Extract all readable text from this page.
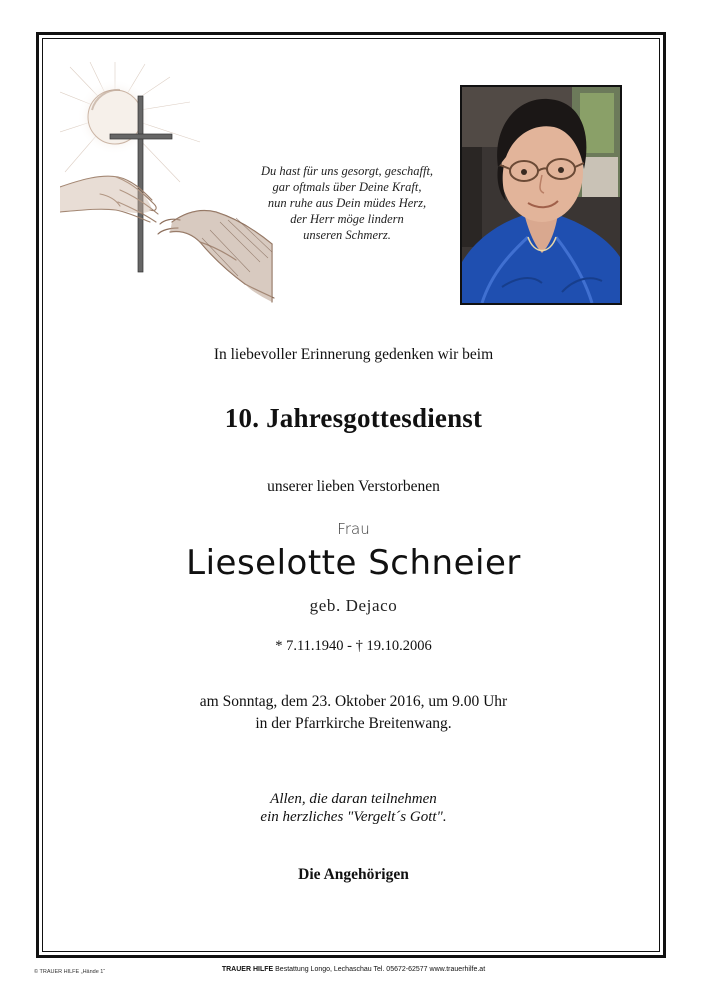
Du hast für uns gesorgt, geschafft,
gar oftmals über Deine Kraft,
nun ruhe aus Dein müdes Herz,
der Herr möge lindern
unseren Schmerz.
In liebevoller Erinnerung gedenken wir beim
10. Jahresgottesdienst
unserer lieben Verstorbenen
Frau
Lieselotte Schneier
geb. Dejaco
* 7.11.1940 - † 19.10.2006
am Sonntag, dem 23. Oktober 2016, um 9.00 Uhr
in der Pfarrkirche Breitenwang.
Allen, die daran teilnehmen
ein herzliches "Vergelt´s Gott".
Die Angehörigen
© TRAUER HILFE „Hände 1“	TRAUER HILFE Bestattung Longo, Lechaschau Tel. 05672-62577 www.trauerhilfe.at
